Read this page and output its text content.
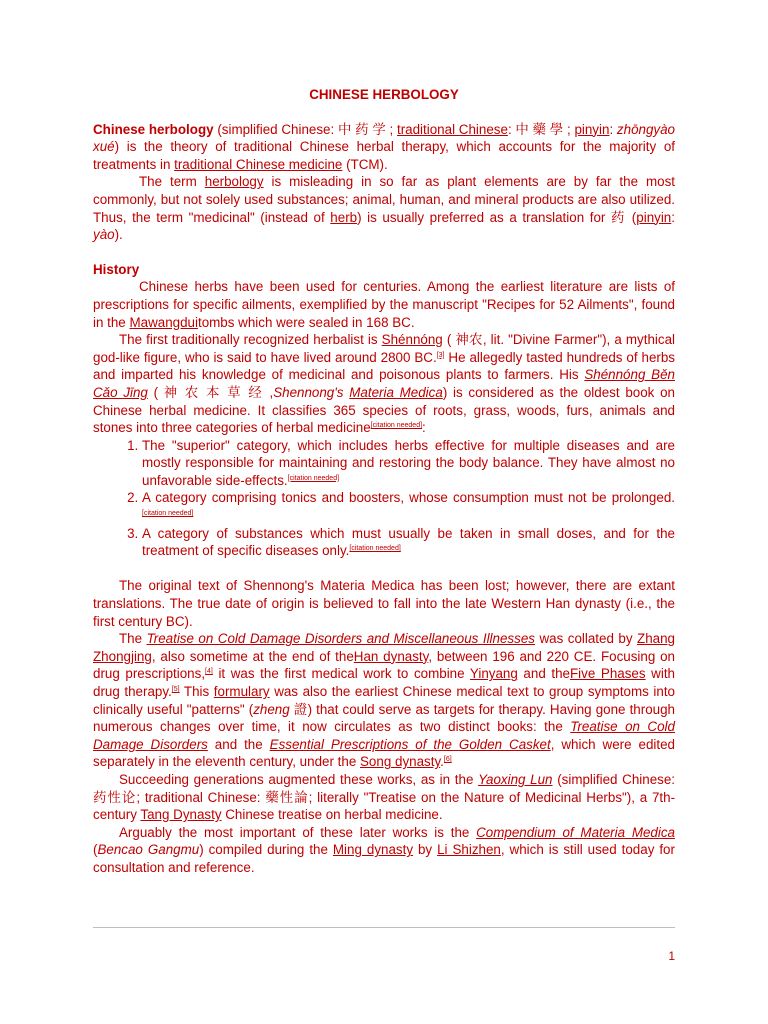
CHINESE HERBOLOGY

Chinese herbology (simplified Chinese: 中 药 学 ; traditional Chinese: 中 藥 學 ; pinyin: zhōngyào xué) is the theory of traditional Chinese herbal therapy, which accounts for the majority of treatments in traditional Chinese medicine (TCM).

The term herbology is misleading in so far as plant elements are by far the most commonly, but not solely used substances; animal, human, and mineral products are also utilized. Thus, the term "medicinal" (instead of herb) is usually preferred as a translation for 药 (pinyin: yào).

History

Chinese herbs have been used for centuries. Among the earliest literature are lists of prescriptions for specific ailments, exemplified by the manuscript "Recipes for 52 Ailments", found in the Mawangduitombs which were sealed in 168 BC.

The first traditionally recognized herbalist is Shénnóng ( 神农, lit. "Divine Farmer"), a mythical god-like figure, who is said to have lived around 2800 BC.[3] He allegedly tasted hundreds of herbs and imparted his knowledge of medicinal and poisonous plants to farmers. His Shénnóng Běn Cǎo Jīng ( 神 农 本 草 经 ,Shennong's Materia Medica) is considered as the oldest book on Chinese herbal medicine. It classifies 365 species of roots, grass, woods, furs, animals and stones into three categories of herbal medicine[citation needed]:

1. The "superior" category, which includes herbs effective for multiple diseases and are mostly responsible for maintaining and restoring the body balance. They have almost no unfavorable side-effects.[citation needed]
2. A category comprising tonics and boosters, whose consumption must not be prolonged.[citation needed]
3. A category of substances which must usually be taken in small doses, and for the treatment of specific diseases only.[citation needed]

The original text of Shennong's Materia Medica has been lost; however, there are extant translations. The true date of origin is believed to fall into the late Western Han dynasty (i.e., the first century BC).

The Treatise on Cold Damage Disorders and Miscellaneous Illnesses was collated by Zhang Zhongjing, also sometime at the end of theHan dynasty, between 196 and 220 CE. Focusing on drug prescriptions,[4] it was the first medical work to combine Yinyang and theFive Phases with drug therapy.[5] This formulary was also the earliest Chinese medical text to group symptoms into clinically useful "patterns" (zheng 證) that could serve as targets for therapy. Having gone through numerous changes over time, it now circulates as two distinct books: the Treatise on Cold Damage Disorders and the Essential Prescriptions of the Golden Casket, which were edited separately in the eleventh century, under the Song dynasty.[6]

Succeeding generations augmented these works, as in the Yaoxing Lun (simplified Chinese: 药性论; traditional Chinese: 藥性論; literally "Treatise on the Nature of Medicinal Herbs"), a 7th-century Tang Dynasty Chinese treatise on herbal medicine.

Arguably the most important of these later works is the Compendium of Materia Medica (Bencao Gangmu) compiled during the Ming dynasty by Li Shizhen, which is still used today for consultation and reference.

1
